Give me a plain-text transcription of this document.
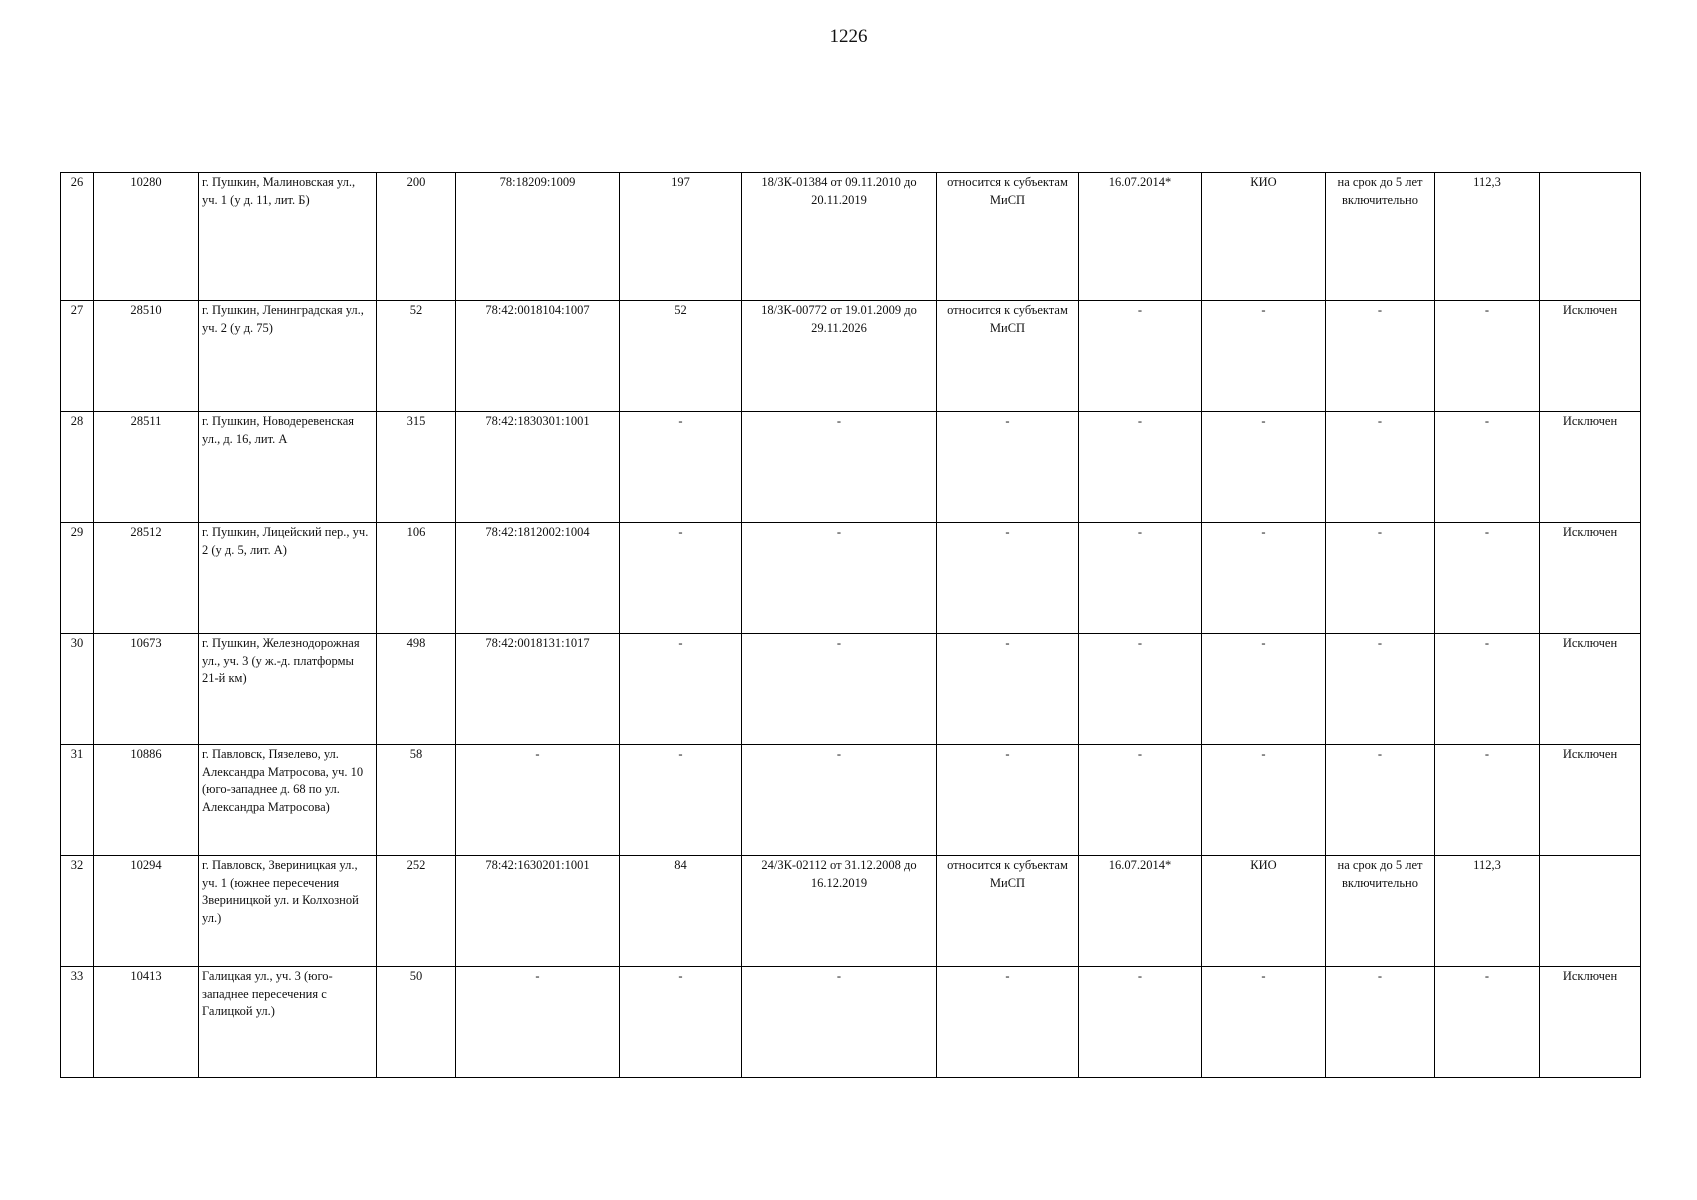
1226
26	10280	г. Пушкин, Малиновская ул., уч. 1 (у д. 11, лит. Б)	200	78:18209:1009	197	18/ЗК-01384 от 09.11.2010 до 20.11.2019	относится к субъектам МиСП	16.07.2014*	КИО	на срок до 5 лет включительно	112,3	
27	28510	г. Пушкин, Ленинградская ул., уч. 2 (у д. 75)	52	78:42:0018104:1007	52	18/ЗК-00772 от 19.01.2009 до 29.11.2026	относится к субъектам МиСП	-	-	-	-	Исключен
28	28511	г. Пушкин, Новодеревенская ул., д. 16, лит. А	315	78:42:1830301:1001	-	-	-	-	-	-	-	Исключен
29	28512	г. Пушкин, Лицейский пер., уч. 2 (у д. 5, лит. А)	106	78:42:1812002:1004	-	-	-	-	-	-	-	Исключен
30	10673	г. Пушкин, Железнодорожная ул., уч. 3 (у ж.-д. платформы 21-й км)	498	78:42:0018131:1017	-	-	-	-	-	-	-	Исключен
31	10886	г. Павловск, Пязелево, ул. Александра Матросова, уч. 10 (юго-западнее д. 68 по ул. Александра Матросова)	58	-	-	-	-	-	-	-	-	Исключен
32	10294	г. Павловск, Звериницкая ул., уч. 1 (южнее пересечения Звериницкой ул. и Колхозной ул.)	252	78:42:1630201:1001	84	24/ЗК-02112 от 31.12.2008 до 16.12.2019	относится к субъектам МиСП	16.07.2014*	КИО	на срок до 5 лет включительно	112,3	
33	10413	Галицкая ул., уч. 3 (юго-западнее пересечения с Галицкой ул.)	50	-	-	-	-	-	-	-	-	Исключен
